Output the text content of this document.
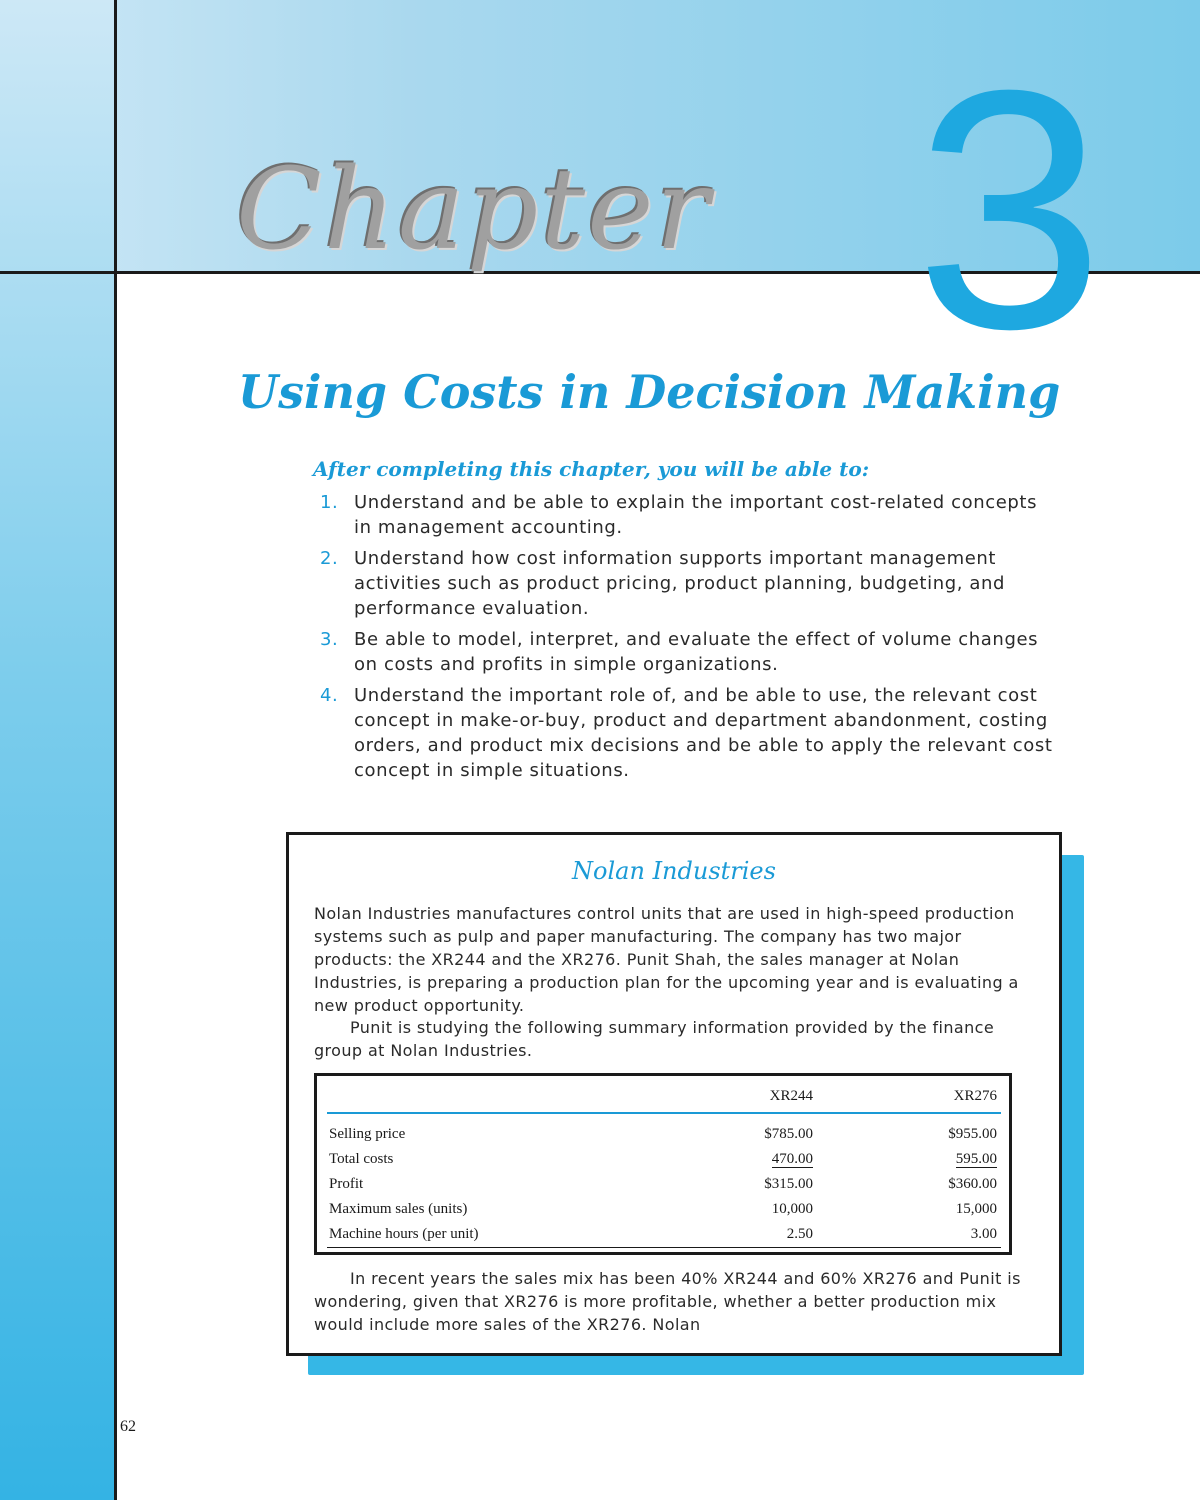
Chapter 3
Using Costs in Decision Making
After completing this chapter, you will be able to:
1. Understand and be able to explain the important cost-related concepts in management accounting.
2. Understand how cost information supports important management activities such as product pricing, product planning, budgeting, and performance evaluation.
3. Be able to model, interpret, and evaluate the effect of volume changes on costs and profits in simple organizations.
4. Understand the important role of, and be able to use, the relevant cost concept in make-or-buy, product and department abandonment, costing orders, and product mix decisions and be able to apply the relevant cost concept in simple situations.
Nolan Industries

Nolan Industries manufactures control units that are used in high-speed production systems such as pulp and paper manufacturing. The company has two major products: the XR244 and the XR276. Punit Shah, the sales manager at Nolan Industries, is preparing a production plan for the upcoming year and is evaluating a new product opportunity.

Punit is studying the following summary information provided by the finance group at Nolan Industries.

	XR244	XR276
Selling price	$785.00	$955.00
Total costs	470.00	595.00
Profit	$315.00	$360.00
Maximum sales (units)	10,000	15,000
Machine hours (per unit)	2.50	3.00

In recent years the sales mix has been 40% XR244 and 60% XR276 and Punit is wondering, given that XR276 is more profitable, whether a better production mix would include more sales of the XR276. Nolan

62
